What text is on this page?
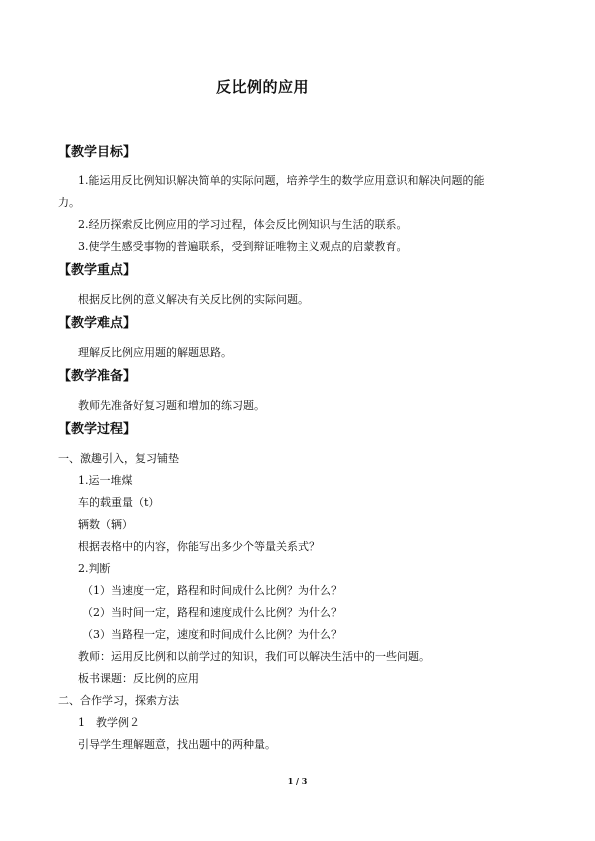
反比例的应用
【教学目标】
1.能运用反比例知识解决简单的实际问题，培养学生的数学应用意识和解决问题的能
力。
2.经历探索反比例应用的学习过程，体会反比例知识与生活的联系。
3.使学生感受事物的普遍联系，受到辩证唯物主义观点的启蒙教育。
【教学重点】
根据反比例的意义解决有关反比例的实际问题。
【教学难点】
理解反比例应用题的解题思路。
【教学准备】
教师先准备好复习题和增加的练习题。
【教学过程】
一、激趣引入，复习铺垫
1.运一堆煤
车的载重量（t）
辆数（辆）
根据表格中的内容，你能写出多少个等量关系式？
2.判断
（1）当速度一定，路程和时间成什么比例？为什么？
（2）当时间一定，路程和速度成什么比例？为什么？
（3）当路程一定，速度和时间成什么比例？为什么？
教师：运用反比例和以前学过的知识，我们可以解决生活中的一些问题。
板书课题：反比例的应用
二、合作学习，探索方法
1　教学例２
引导学生理解题意，找出题中的两种量。
1 / 3
